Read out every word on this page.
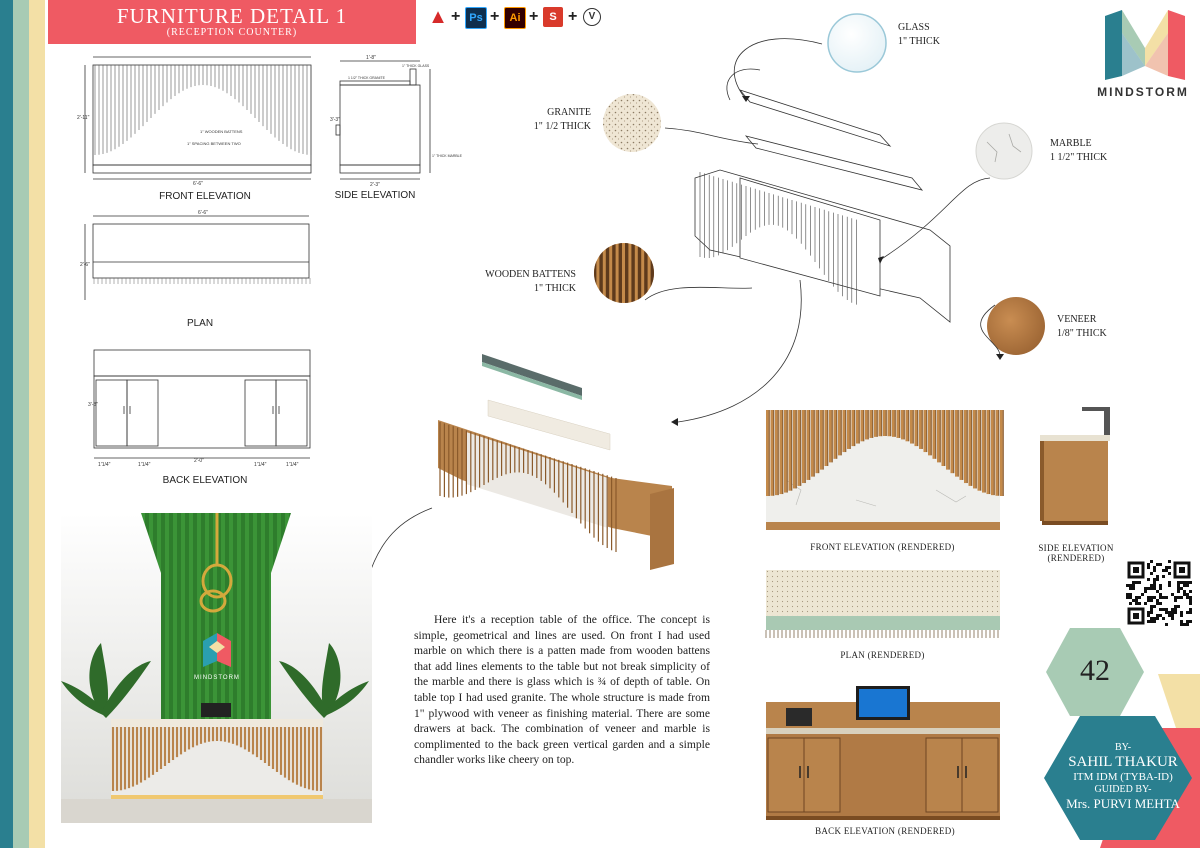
FURNITURE DETAIL 1
(RECEPTION COUNTER)
▲ + Ps + Ai + S +	V
MINDSTORM
1" WOODEN BATTENS
1" SPACING BETWEEN TWO
6'-6"
2'-11"
FRONT ELEVATION
1'-8"
1 1/2" THICK GRANITE
1" THICK GLASS
1" THICK MARBLE
2'-3"
3'-3"
SIDE ELEVATION
6'-6"
2'-6"
PLAN
1'1/4"	1'1/4"
2'-0"
1'1/4"	1'1/4"
3'-3"
BACK ELEVATION
GLASS
1" THICK
GRANITE
1" 1/2 THICK
MARBLE
1 1/2" THICK
WOODEN BATTENS
1" THICK
VENEER
1/8" THICK
MINDSTORM
Here it's a reception table of the office. The concept is simple, geometrical and lines are used. On front I had used marble on which there is a patten made from wooden battens that add lines elements to the table but not break simplicity of the marble and there is glass which is ¾ of depth of table. On table top I had used granite. The whole structure is made from 1" plywood with veneer as finishing material. There are some drawers at back. The combination of veneer and marble is complimented to the back green vertical garden and a simple chandler works like cheery on top.
FRONT ELEVATION (RENDERED)	SIDE ELEVATION
(RENDERED)
PLAN (RENDERED)
BACK ELEVATION (RENDERED)
42
BY-
SAHIL THAKUR
ITM IDM (TYBA-ID)
GUIDED BY-
Mrs. PURVI MEHTA
